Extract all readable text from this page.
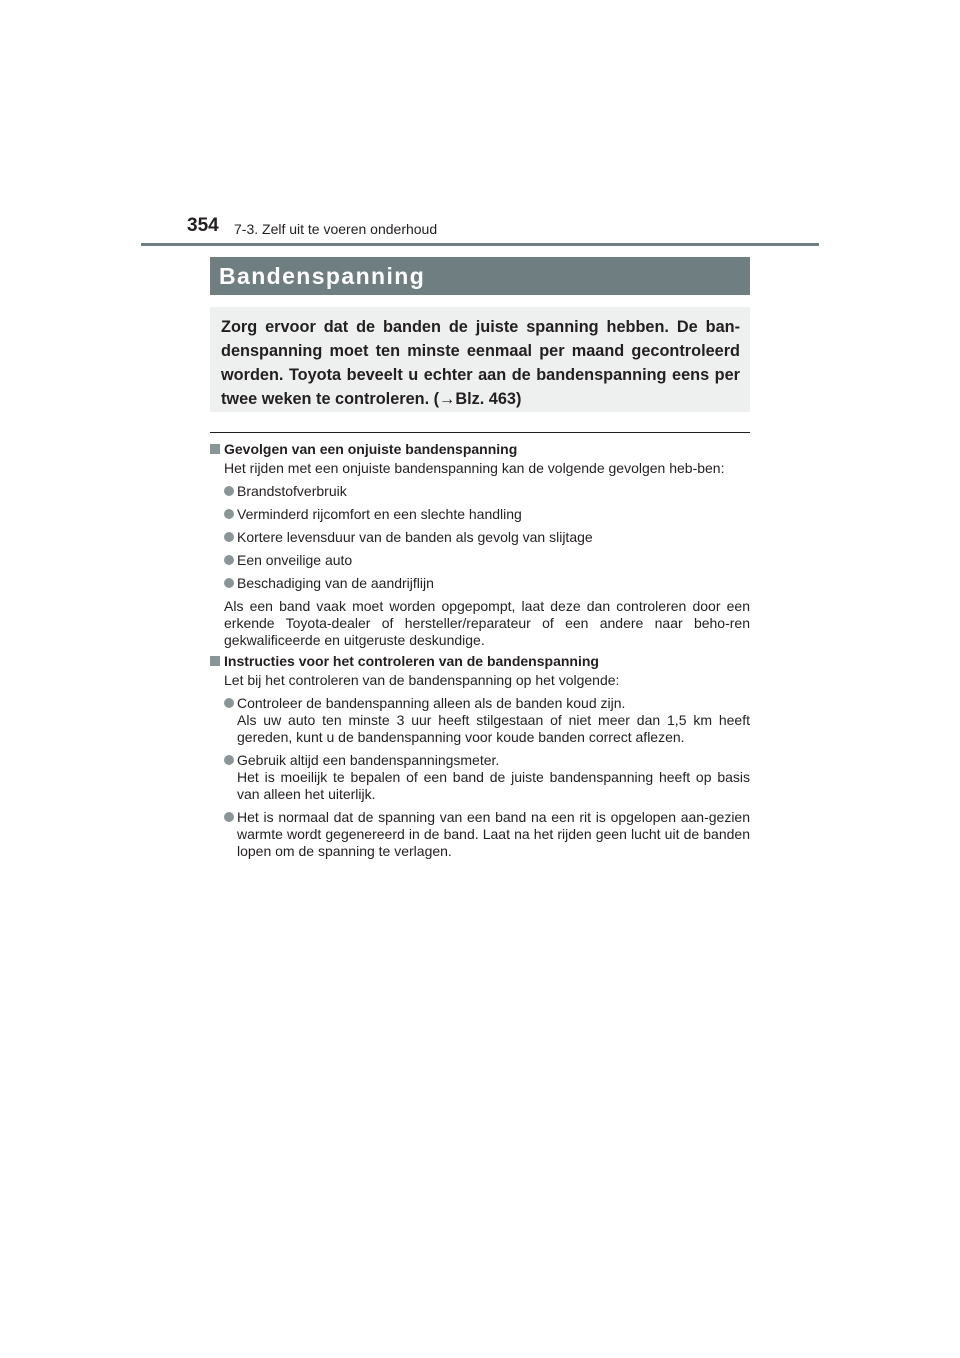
354 7-3. Zelf uit te voeren onderhoud
Bandenspanning

Zorg ervoor dat de banden de juiste spanning hebben. De ban-denspanning moet ten minste eenmaal per maand gecontroleerd worden. Toyota beveelt u echter aan de bandenspanning eens per twee weken te controleren. (→Blz. 463)

Gevolgen van een onjuiste bandenspanning
Het rijden met een onjuiste bandenspanning kan de volgende gevolgen heb-ben:
Brandstofverbruik
Verminderd rijcomfort en een slechte handling
Kortere levensduur van de banden als gevolg van slijtage
Een onveilige auto
Beschadiging van de aandrijflijn
Als een band vaak moet worden opgepompt, laat deze dan controleren door een erkende Toyota-dealer of hersteller/reparateur of een andere naar beho-ren gekwalificeerde en uitgeruste deskundige.
Instructies voor het controleren van de bandenspanning
Let bij het controleren van de bandenspanning op het volgende:
Controleer de bandenspanning alleen als de banden koud zijn.
Als uw auto ten minste 3 uur heeft stilgestaan of niet meer dan 1,5 km heeft gereden, kunt u de bandenspanning voor koude banden correct aflezen.
Gebruik altijd een bandenspanningsmeter.
Het is moeilijk te bepalen of een band de juiste bandenspanning heeft op basis van alleen het uiterlijk.
Het is normaal dat de spanning van een band na een rit is opgelopen aan-gezien warmte wordt gegenereerd in de band. Laat na het rijden geen lucht uit de banden lopen om de spanning te verlagen.
